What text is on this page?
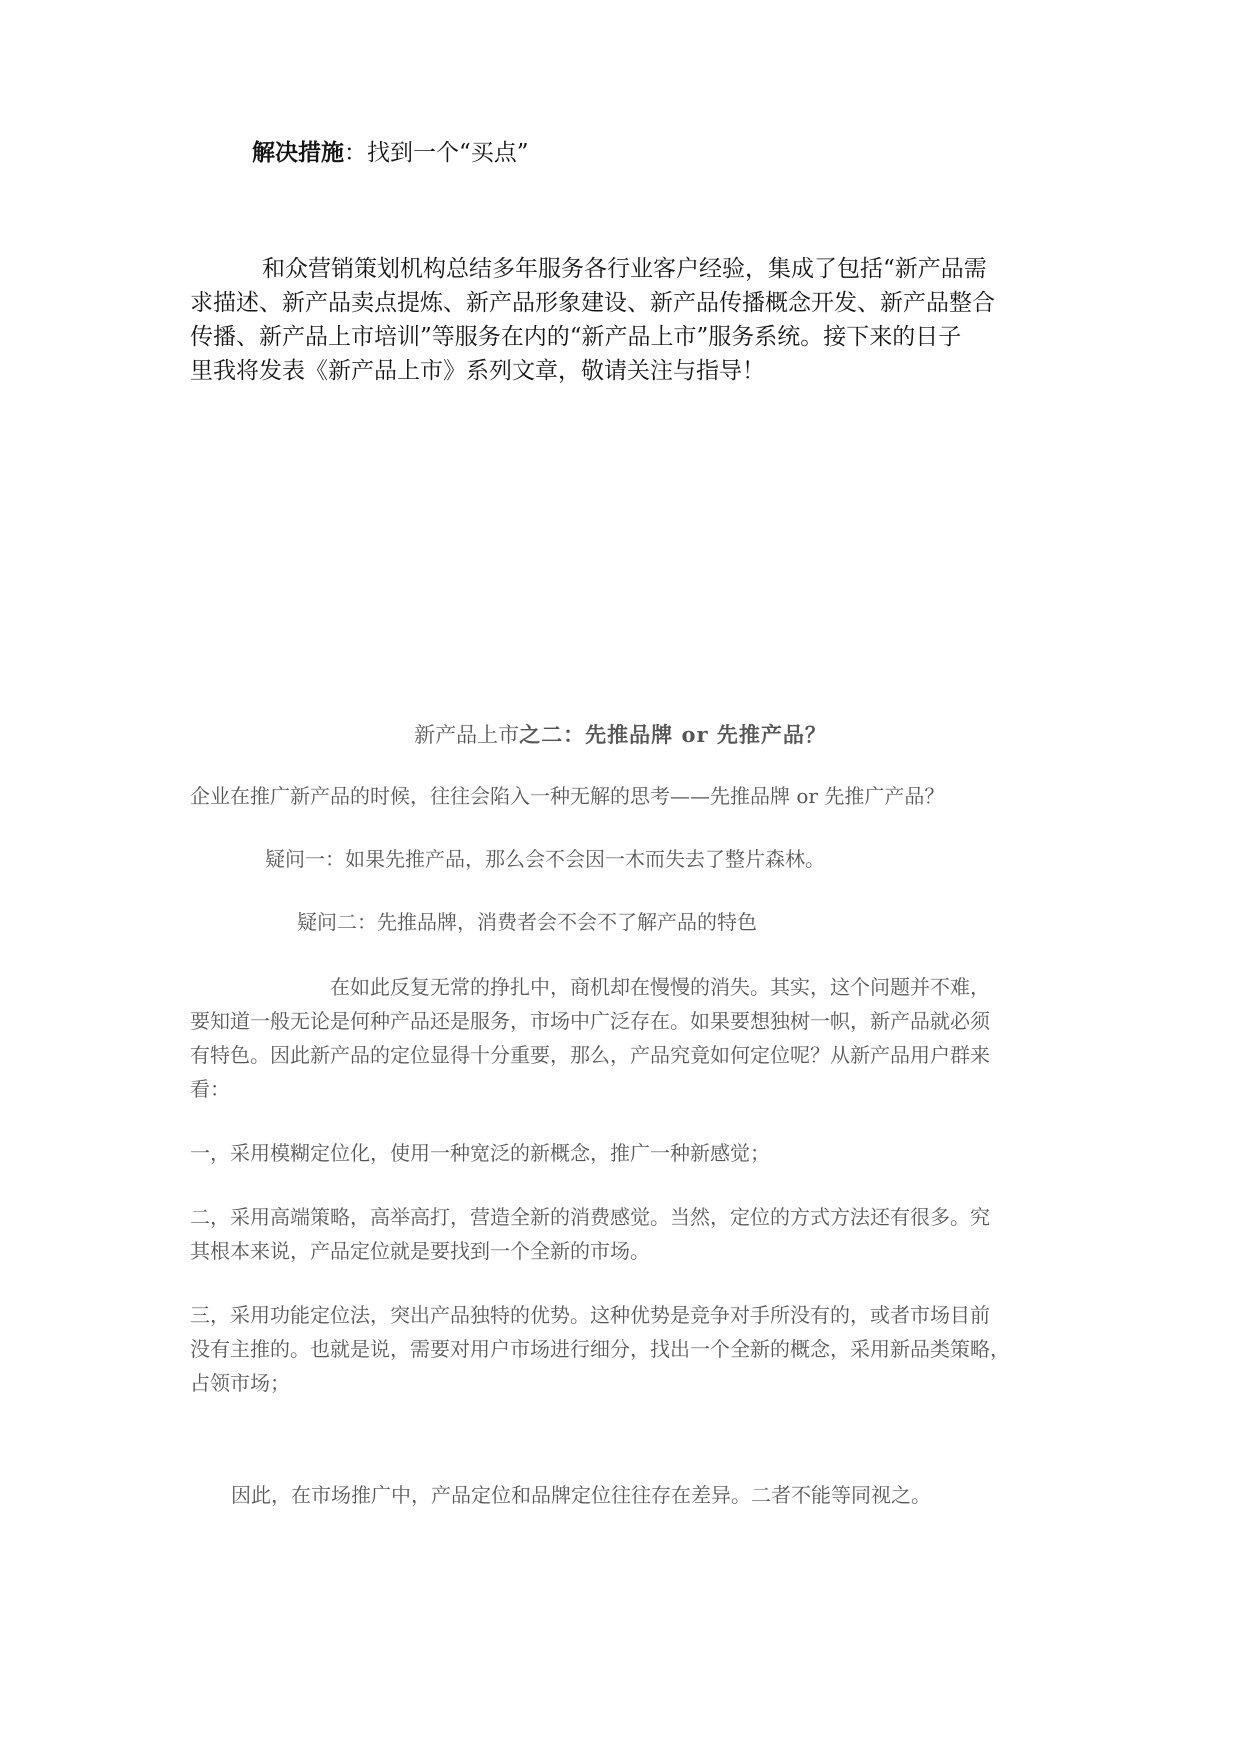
解决措施：找到一个“买点”
和众营销策划机构总结多年服务各行业客户经验，集成了包括“新产品需
求描述、新产品卖点提炼、新产品形象建设、新产品传播概念开发、新产品整合
传播、新产品上市培训”等服务在内的“新产品上市”服务系统。接下来的日子
里我将发表《新产品上市》系列文章，敬请关注与指导！
新产品上市之二：先推品牌 or 先推产品？
企业在推广新产品的时候，往往会陷入一种无解的思考——先推品牌 or 先推广产品？
疑问一：如果先推产品，那么会不会因一木而失去了整片森林。
疑问二：先推品牌，消费者会不会不了解产品的特色
在如此反复无常的挣扎中，商机却在慢慢的消失。其实，这个问题并不难，
要知道一般无论是何种产品还是服务，市场中广泛存在。如果要想独树一帜，新产品就必须
有特色。因此新产品的定位显得十分重要，那么，产品究竟如何定位呢？从新产品用户群来
看：
一，采用模糊定位化，使用一种宽泛的新概念，推广一种新感觉；
二，采用高端策略，高举高打，营造全新的消费感觉。当然，定位的方式方法还有很多。究
其根本来说，产品定位就是要找到一个全新的市场。
三，采用功能定位法，突出产品独特的优势。这种优势是竞争对手所没有的，或者市场目前
没有主推的。也就是说，需要对用户市场进行细分，找出一个全新的概念，采用新品类策略，
占领市场；
因此，在市场推广中，产品定位和品牌定位往往存在差异。二者不能等同视之。
